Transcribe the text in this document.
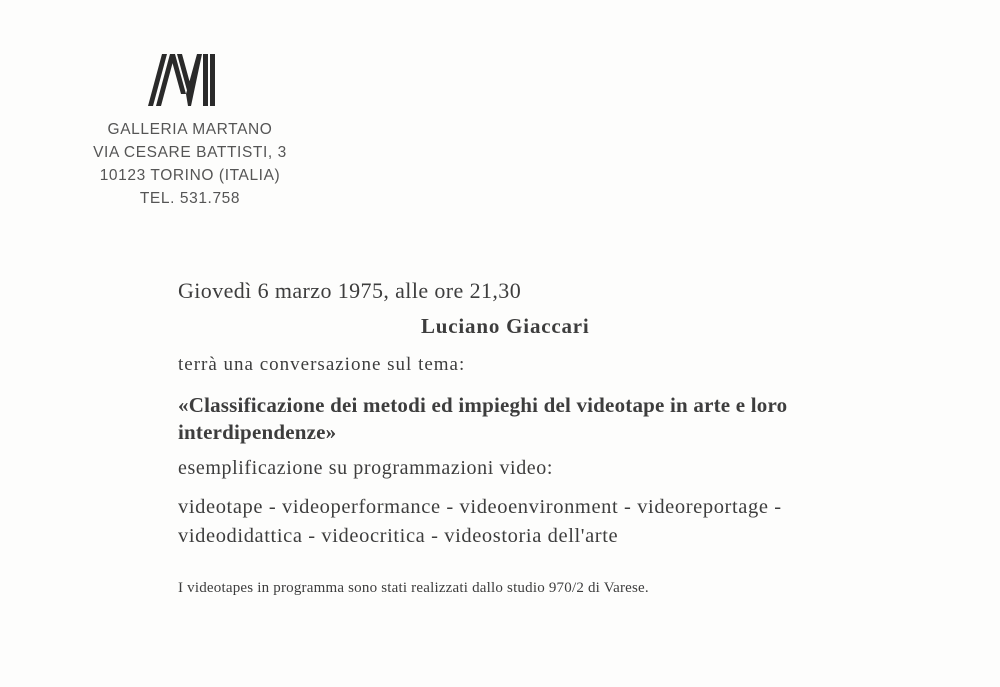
GALLERIA MARTANO
VIA CESARE BATTISTI, 3
10123 TORINO (ITALIA)
TEL. 531.758
Giovedì 6 marzo 1975, alle ore 21,30
Luciano Giaccari
terrà una conversazione sul tema:
«Classificazione dei metodi ed impieghi del videotape in arte e loro
interdipendenze»
esemplificazione su programmazioni video:
videotape - videoperformance - videoenvironment - videoreportage -
videodidattica - videocritica - videostoria dell'arte
I videotapes in programma sono stati realizzati dallo studio 970/2 di Varese.
